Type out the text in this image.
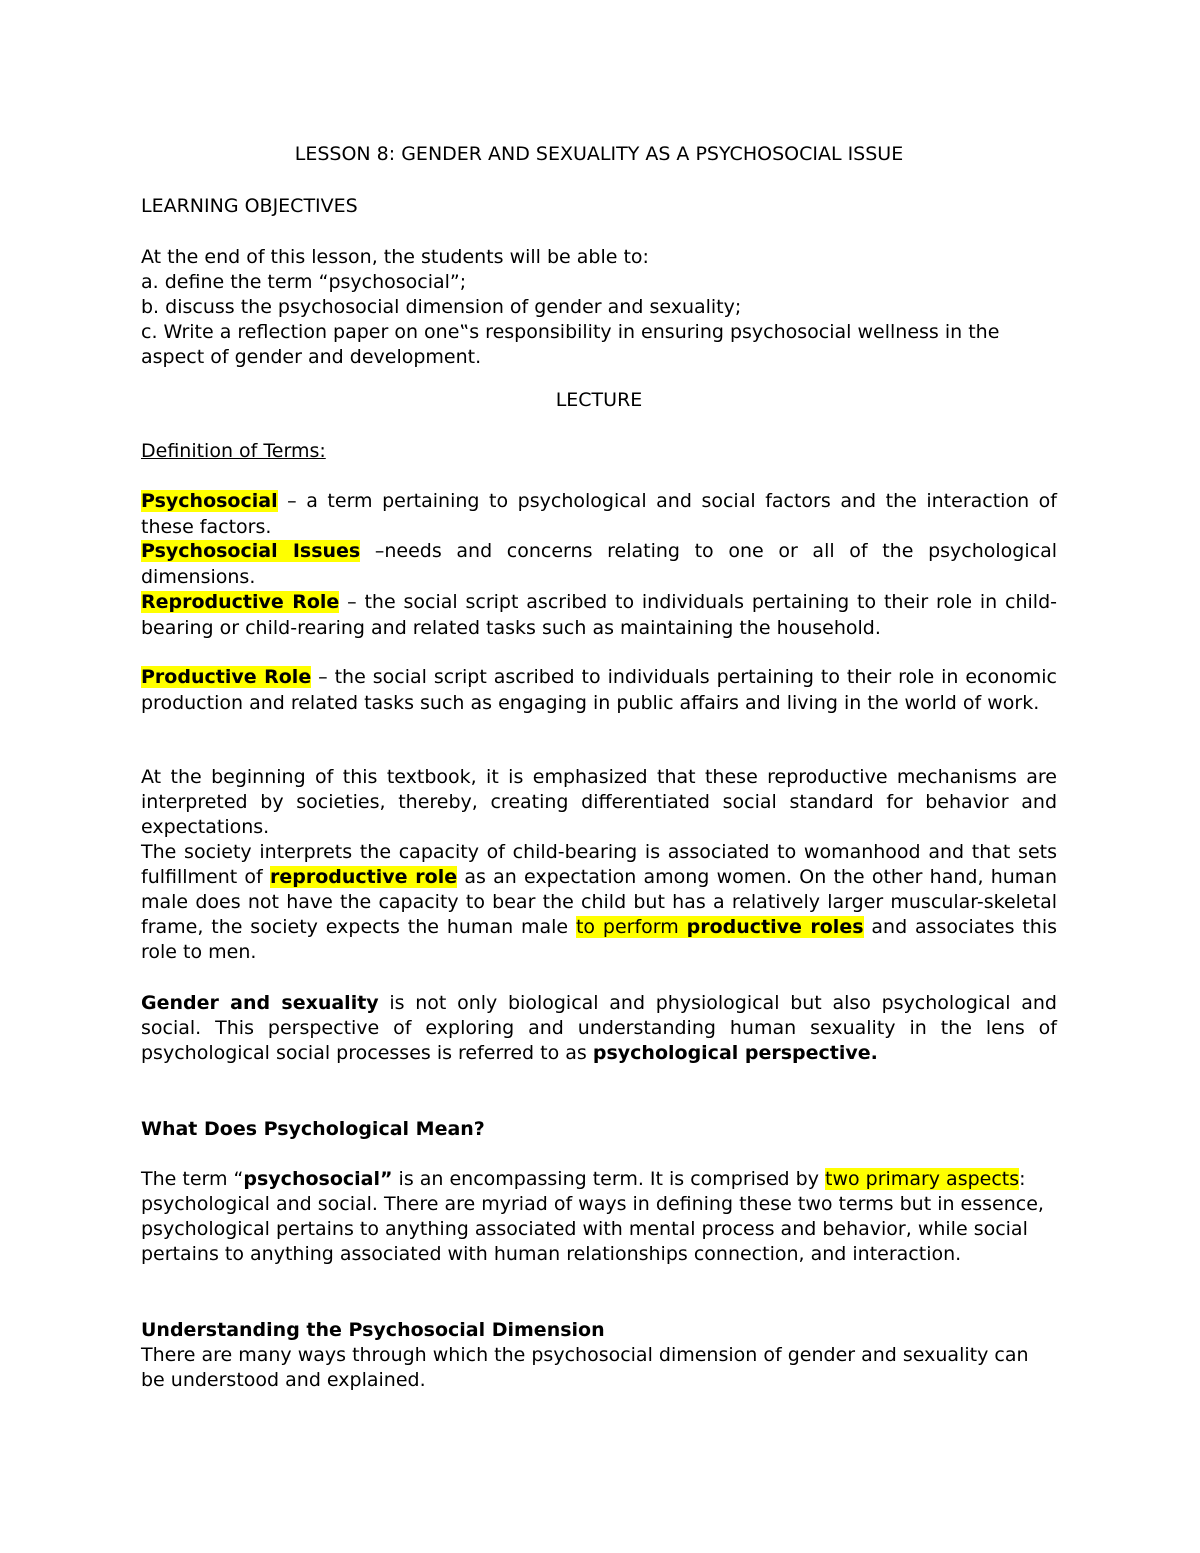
LESSON 8: GENDER AND SEXUALITY AS A PSYCHOSOCIAL ISSUE

LEARNING OBJECTIVES

At the end of this lesson, the students will be able to:

a. define the term “psychosocial”;

b. discuss the psychosocial dimension of gender and sexuality;

c. Write a reflection paper on one‟s responsibility in ensuring psychosocial wellness in the aspect of gender and development.

LECTURE

Definition of Terms:

Psychosocial – a term pertaining to psychological and social factors and the interaction of these factors.

Psychosocial Issues –needs and concerns relating to one or all of the psychological dimensions.

Reproductive Role – the social script ascribed to individuals pertaining to their role in child-bearing or child-rearing and related tasks such as maintaining the household.

Productive Role – the social script ascribed to individuals pertaining to their role in economic production and related tasks such as engaging in public affairs and living in the world of work.

At the beginning of this textbook, it is emphasized that these reproductive mechanisms are interpreted by societies, thereby, creating differentiated social standard for behavior and expectations.

The society interprets the capacity of child-bearing is associated to womanhood and that sets fulfillment of reproductive role as an expectation among women. On the other hand, human male does not have the capacity to bear the child but has a relatively larger muscular-skeletal frame, the society expects the human male to perform productive roles and associates this role to men.

Gender and sexuality is not only biological and physiological but also psychological and social. This perspective of exploring and understanding human sexuality in the lens of psychological social processes is referred to as psychological perspective.

What Does Psychological Mean?

The term “psychosocial” is an encompassing term. It is comprised by two primary aspects: psychological and social. There are myriad of ways in defining these two terms but in essence, psychological pertains to anything associated with mental process and behavior, while social pertains to anything associated with human relationships connection, and interaction.

Understanding the Psychosocial Dimension

There are many ways through which the psychosocial dimension of gender and sexuality can be understood and explained.
